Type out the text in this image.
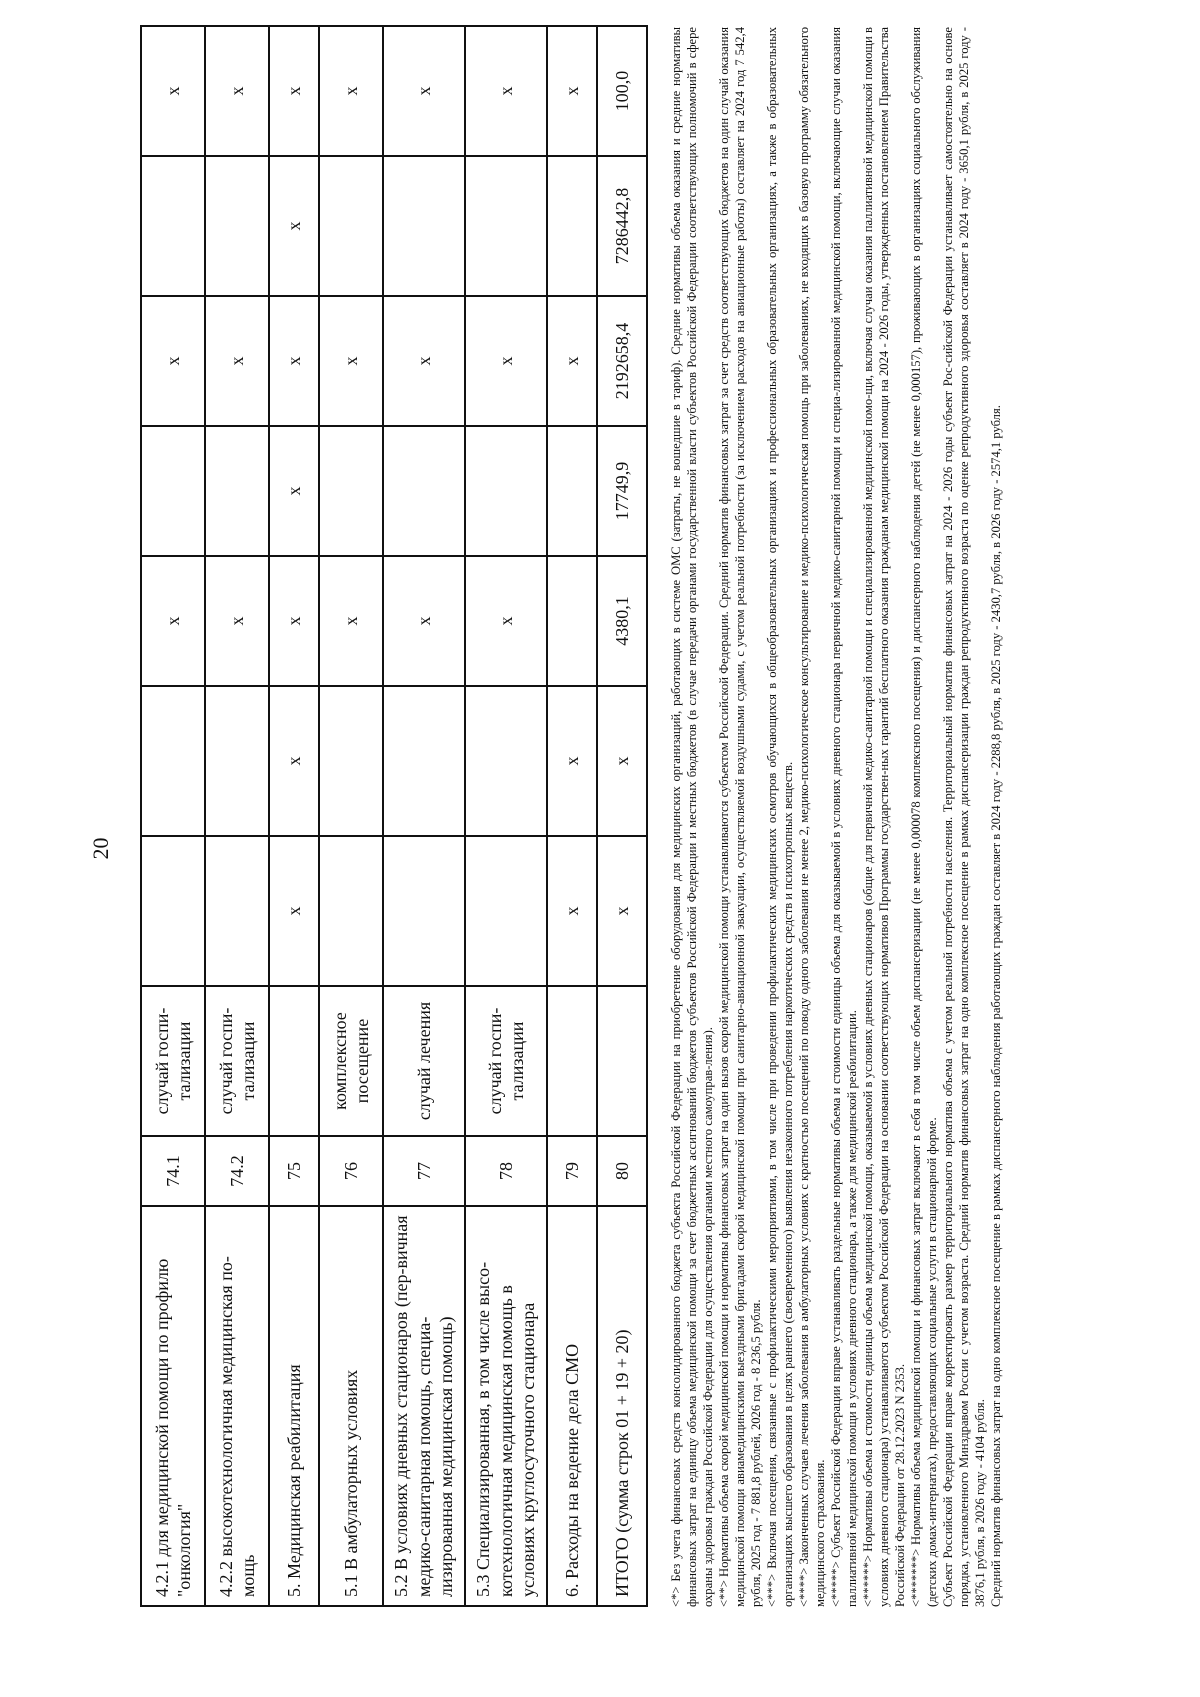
20
4.2.1 для медицинской помощи по профилю "онкология"	74.1	случай госпи-тализации			х		х		х
4.2.2 высокотехнологичная медицинская по-мощь	74.2	случай госпи-тализации			х		х		х
5. Медицинская реабилитация	75		х	х	х	х	х	х	х
5.1 В амбулаторных условиях	76	комплексное посещение			х		х		х
5.2 В условиях дневных стационаров (пер-вичная медико-санитарная помощь, специа-лизированная медицинская помощь)	77	случай лечения			х		х		х
5.3 Специализированная, в том числе высо-котехнологичная медицинская помощь в условиях круглосуточного стационара	78	случай госпи-тализации			х		х		х
6. Расходы на ведение дела СМО	79		х	х			х		х
ИТОГО (сумма строк 01 + 19 + 20)	80		х	х	4380,1	17749,9	2192658,4	7286442,8	100,0	<*> Без учета финансовых средств консолидированного бюджета субъекта Российской Федерации на приобретение оборудования для медицинских организаций, работающих в системе ОМС (затраты, не вошедшие в тариф). Средние нормативы объема оказания и средние нормативы финансовых затрат на единицу объема медицинской помощи за счет бюджетных ассигнований бюджетов субъектов Российской Федерации и местных бюджетов (в случае передачи органами государственной власти субъектов Российской Федерации соответствующих полномочий в сфере охраны здоровья граждан Российской Федерации для осуществления органами местного самоуправ-ления). <**> Нормативы объема скорой медицинской помощи и нормативы финансовых затрат на один вызов скорой медицинской помощи устанавливаются субъектом Российской Федерации. Средний норматив финансовых затрат за счет средств соответствующих бюджетов на один случай оказания медицинской помощи авиамедицинскими выездными бригадами скорой медицинской помощи при санитарно-авиационной эвакуации, осуществляемой воздушными судами, с учетом реальной потребности (за исключением расходов на авиационные работы) составляет на 2024 год 7 542,4 рубля, 2025 год - 7 881,8 рублей, 2026 год - 8 236,5 рубля. <***> Включая посещения, связанные с профилактическими мероприятиями, в том числе при проведении профилактических медицинских осмотров обучающихся в общеобразовательных организациях и профессиональных образовательных организациях, а также в образовательных организациях высшего образования в целях раннего (своевременного) выявления незаконного потребления наркотических средств и психотропных веществ. <****> Законченных случаев лечения заболевания в амбулаторных условиях с кратностью посещений по поводу одного заболевания не менее 2, медико-психологическое консультирование и медико-психологическая помощь при заболеваниях, не входящих в базовую программу обязательного медицинского страхования. <*****> Субъект Российской Федерации вправе устанавливать раздельные нормативы объема и стоимости единицы объема для оказываемой в условиях дневного стационара первичной медико-санитарной помощи и специа-лизированной медицинской помощи, включающие случаи оказания паллиативной медицинской помощи в условиях дневного стационара, а также для медицинской реабилитации. <******> Нормативы объема и стоимости единицы объема медицинской помощи, оказываемой в условиях дневных стационаров (общие для первичной медико-санитарной помощи и специализированной медицинской помо-щи, включая случаи оказания паллиативной медицинской помощи в условиях дневного стационара) устанавливаются субъектом Российской Федерации на основании соответствующих нормативов Программы государствен-ных гарантий бесплатного оказания гражданам медицинской помощи на 2024 - 2026 годы, утвержденных постановлением Правительства Российской Федерации от 28.12.2023 N 2353. <*******> Нормативы объема медицинской помощи и финансовых затрат включают в себя в том числе объем диспансеризации (не менее 0,000078 комплексного посещения) и диспансерного наблюдения детей (не менее 0,000157), проживающих в организациях социального обслуживания (детских домах-интернатах), предоставляющих социальные услуги в стационарной форме. Субъект Российской Федерации вправе корректировать размер территориального норматива объема с учетом реальной потребности населения. Территориальный норматив финансовых затрат на 2024 - 2026 годы субъект Рос-сийской Федерации устанавливает самостоятельно на основе порядка, установленного Минздравом России с учетом возраста. Средний норматив финансовых затрат на одно комплексное посещение в рамках диспансеризации граждан репродуктивного возраста по оценке репродуктивного здоровья составляет в 2024 году - 3650,1 рубля, в 2025 году - 3876,1 рубля, в 2026 году - 4104 рубля. Средний норматив финансовых затрат на одно комплексное посещение в рамках диспансерного наблюдения работающих граждан составляет в 2024 году - 2288,8 рубля, в 2025 году - 2430,7 рубля, в 2026 году - 2574,1 рубля.
